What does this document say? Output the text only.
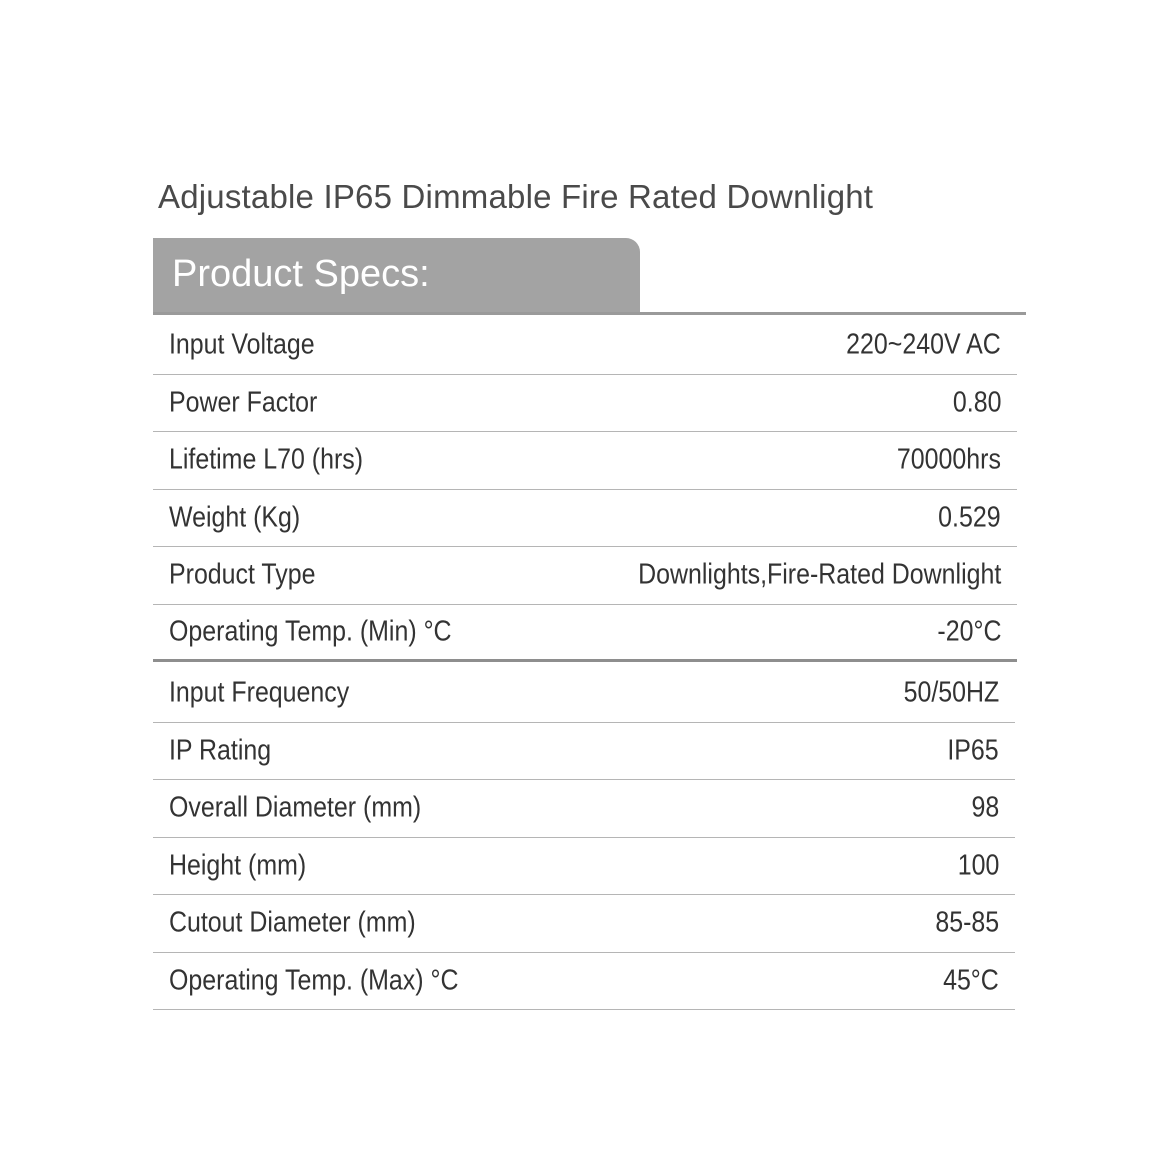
Adjustable IP65 Dimmable Fire Rated Downlight
Product Specs:
Input Voltage	220~240V AC
Power Factor	0.80
Lifetime L70 (hrs)	70000hrs
Weight (Kg)	0.529
Product Type	Downlights,Fire-Rated Downlight
Operating Temp. (Min) °C	-20°C
Input Frequency	50/50HZ
IP Rating	IP65
Overall Diameter (mm)	98
Height (mm)	100
Cutout Diameter (mm)	85-85
Operating Temp. (Max) °C	45°C
